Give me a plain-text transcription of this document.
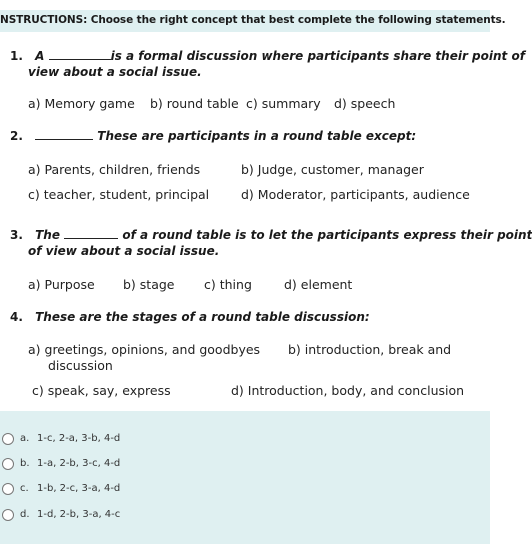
NSTRUCTIONS: Choose the right concept that best complete the following statements.
1. A	is a formal discussion where participants share their point of
view about a social issue.
a) Memory game b) round table c) summary d) speech
2.	These are participants in a round table except:
a) Parents, children, friends	b) Judge, customer, manager
c) teacher, student, principal	d) Moderator, participants, audience
3. The	of a round table is to let the participants express their point
of view about a social issue.
a) Purpose b) stage c) thing	d) element
4. These are the stages of a round table discussion:
a) greetings, opinions, and goodbyes b) introduction, break and
discussion
c) speak, say, express	d) Introduction, body, and conclusion
a. 1-c, 2-a, 3-b, 4-d
b. 1-a, 2-b, 3-c, 4-d
c. 1-b, 2-c, 3-a, 4-d
d. 1-d, 2-b, 3-a, 4-c
